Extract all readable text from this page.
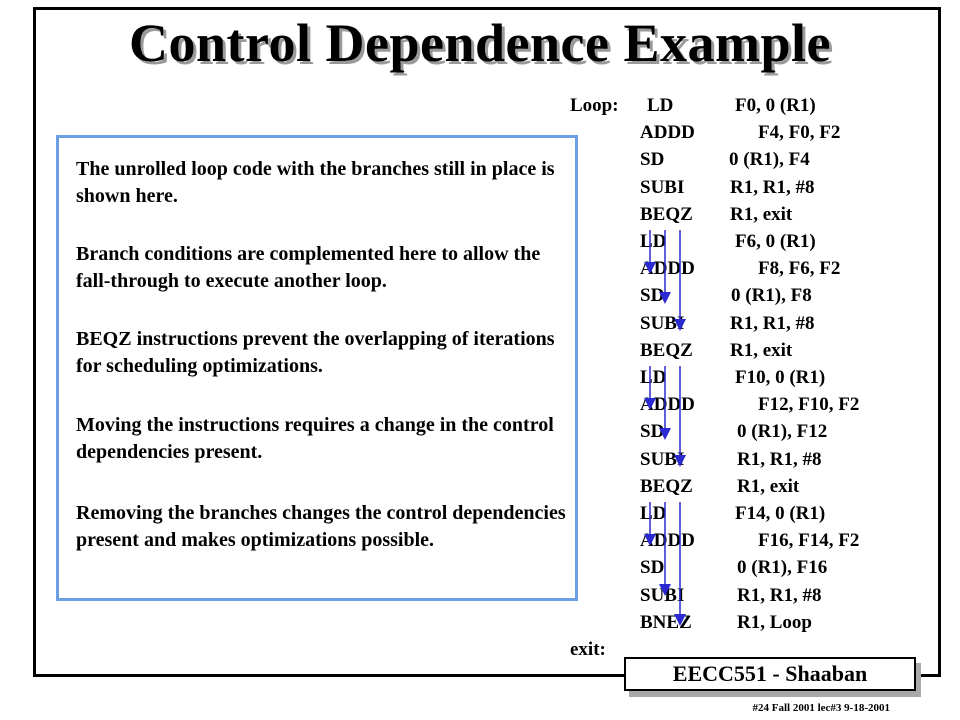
Control Dependence Example
The unrolled loop code with the branches still in place is shown here.
Branch conditions are complemented here to allow the fall-through to execute another loop.
BEQZ instructions prevent the overlapping of iterations for scheduling optimizations.
Moving the instructions requires a change in the control dependencies present.
Removing the branches changes the control dependencies present and makes optimizations possible.
Loop: LD	F0, 0 (R1)
ADDD	F4, F0, F2
SD	0 (R1), F4
SUBI R1, R1, #8
BEQZ R1, exit
LD	F6, 0 (R1)
ADDD	F8, F6, F2
SD	0 (R1), F8
SUBI R1, R1, #8
BEQZ R1, exit
LD	F10, 0 (R1)
ADDD	F12, F10, F2
SD	0 (R1), F12
SUBI	R1, R1, #8
BEQZ R1, exit
LD	F14, 0 (R1)
ADDD	F16, F14, F2
SD	0 (R1), F16
SUBI	R1, R1, #8
BNEZ R1, Loop
exit:
EECC551 - Shaaban
#24 Fall 2001 lec#3 9-18-2001
